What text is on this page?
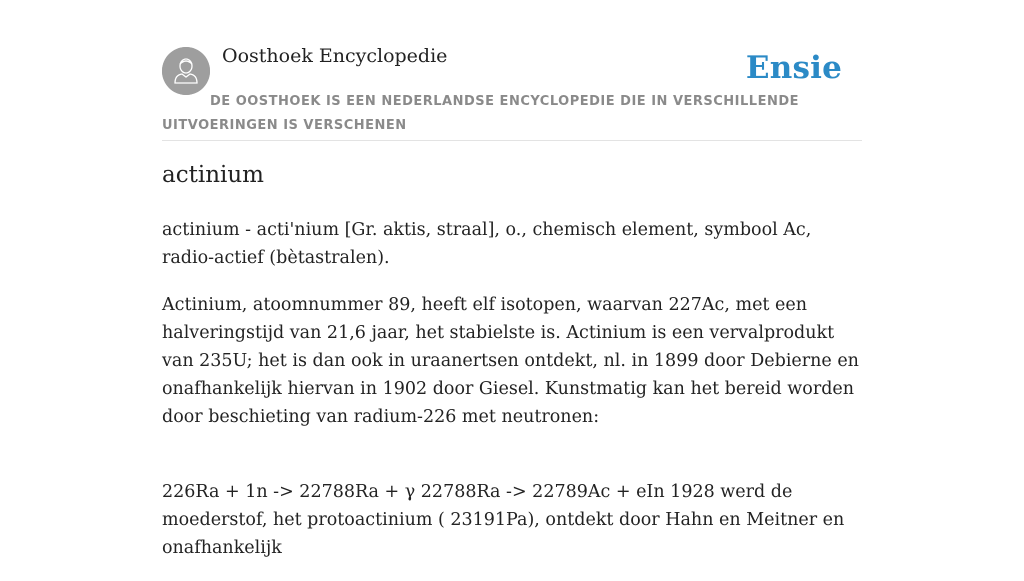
Oosthoek Encyclopedie	Ensie
DE OOSTHOEK IS EEN NEDERLANDSE ENCYCLOPEDIE DIE IN VERSCHILLENDE UITVOERINGEN IS VERSCHENEN
actinium

actinium - acti'nium [Gr. aktis, straal], o., chemisch element, symbool Ac, radio-actief (bètastralen).

Actinium, atoomnummer 89, heeft elf isotopen, waarvan 227Ac, met een halveringstijd van 21,6 jaar, het stabielste is. Actinium is een vervalprodukt van 235U; het is dan ook in uraanertsen ontdekt, nl. in 1899 door Debierne en onafhankelijk hiervan in 1902 door Giesel. Kunstmatig kan het bereid worden door beschieting van radium-226 met neutronen:

226Ra + 1n -> 22788Ra + γ 22788Ra -> 22789Ac + eIn 1928 werd de moederstof, het protoactinium ( 23191Pa), ontdekt door Hahn en Meitner en onafhankelijk
